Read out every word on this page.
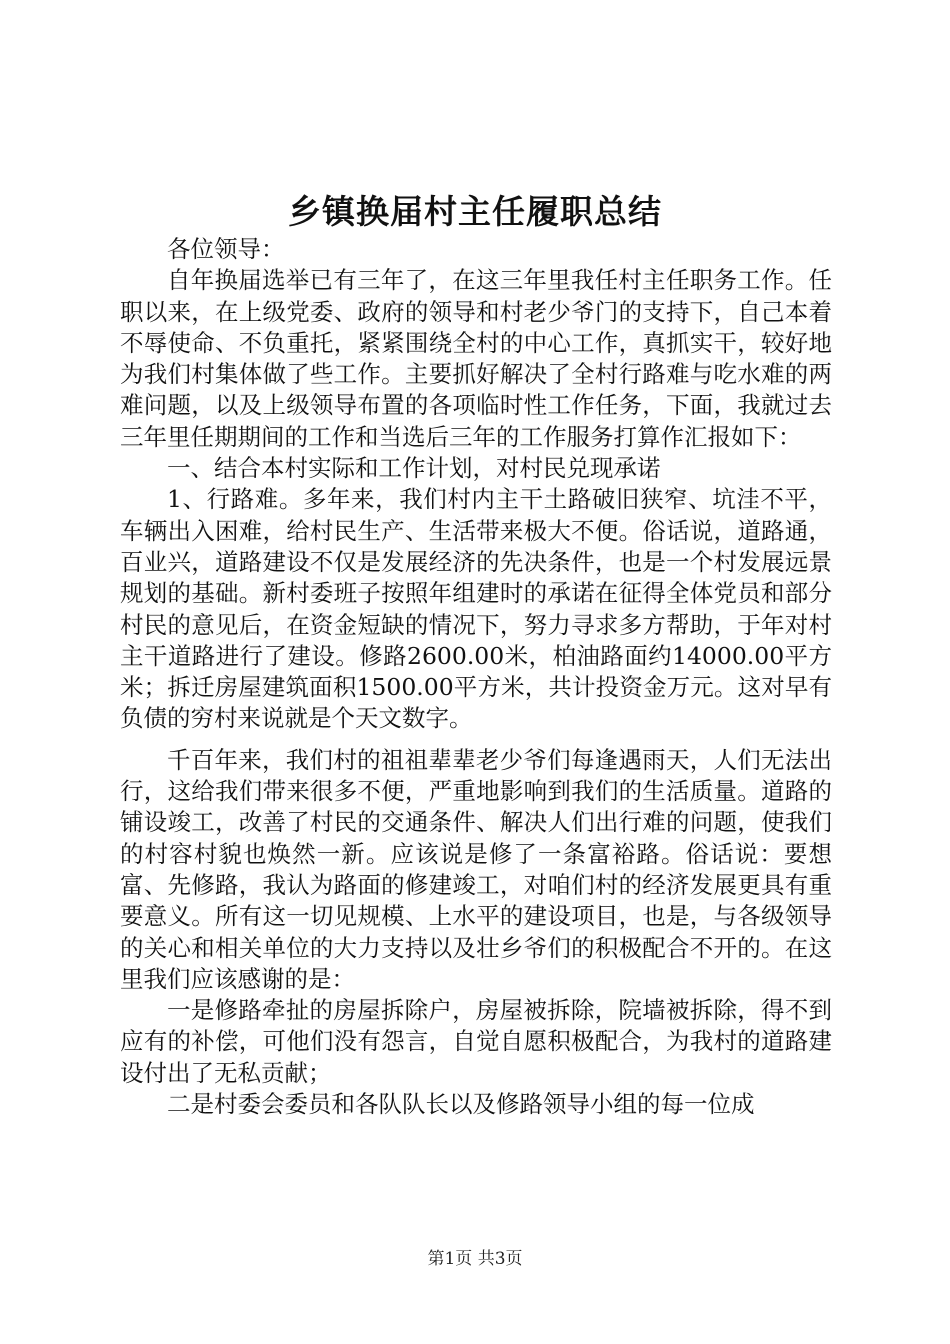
乡镇换届村主任履职总结

各位领导：

自年换届选举已有三年了，在这三年里我任村主任职务工作。任职以来，在上级党委、政府的领导和村老少爷门的支持下，自己本着不辱使命、不负重托，紧紧围绕全村的中心工作，真抓实干，较好地为我们村集体做了些工作。主要抓好解决了全村行路难与吃水难的两难问题，以及上级领导布置的各项临时性工作任务，下面，我就过去三年里任期期间的工作和当选后三年的工作服务打算作汇报如下：

一、结合本村实际和工作计划，对村民兑现承诺

1、行路难。多年来，我们村内主干土路破旧狭窄、坑洼不平，车辆出入困难，给村民生产、生活带来极大不便。俗话说，道路通，百业兴，道路建设不仅是发展经济的先决条件，也是一个村发展远景规划的基础。新村委班子按照年组建时的承诺在征得全体党员和部分村民的意见后，在资金短缺的情况下，努力寻求多方帮助，于年对村主干道路进行了建设。修路2600.00米，柏油路面约14000.00平方米；拆迁房屋建筑面积1500.00平方米，共计投资金万元。这对早有负债的穷村来说就是个天文数字。

千百年来，我们村的祖祖辈辈老少爷们每逢遇雨天，人们无法出行，这给我们带来很多不便，严重地影响到我们的生活质量。道路的铺设竣工，改善了村民的交通条件、解决人们出行难的问题，使我们的村容村貌也焕然一新。应该说是修了一条富裕路。俗话说：要想富、先修路，我认为路面的修建竣工，对咱们村的经济发展更具有重要意义。所有这一切见规模、上水平的建设项目，也是，与各级领导的关心和相关单位的大力支持以及壮乡爷们的积极配合不开的。在这里我们应该感谢的是：

一是修路牵扯的房屋拆除户，房屋被拆除，院墙被拆除，得不到应有的补偿，可他们没有怨言，自觉自愿积极配合，为我村的道路建设付出了无私贡献；

二是村委会委员和各队队长以及修路领导小组的每一位成

第1页 共3页
